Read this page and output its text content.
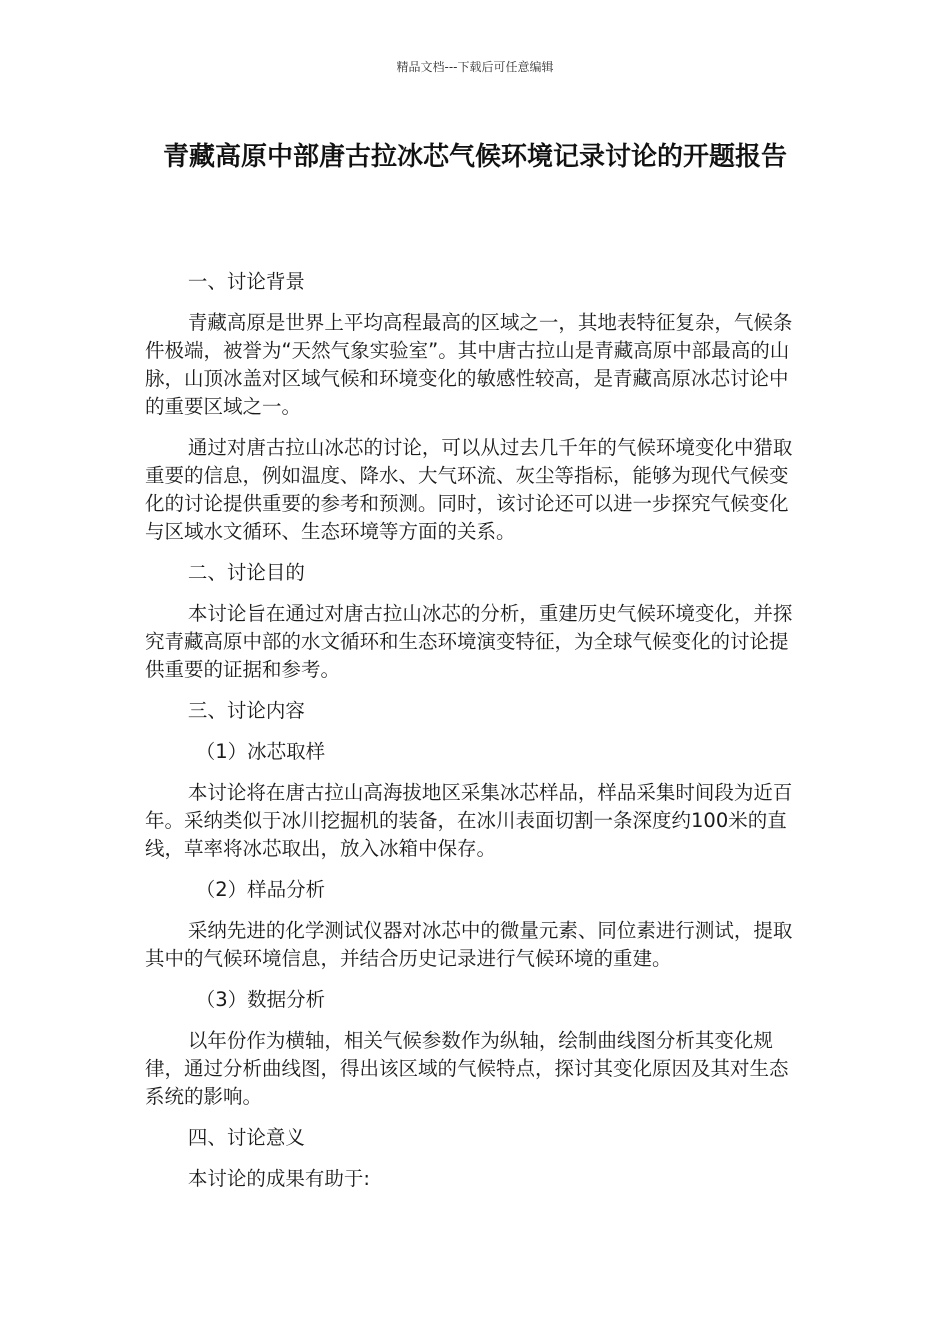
精品文档---下载后可任意编辑
青藏高原中部唐古拉冰芯气候环境记录讨论的开题报告

一、讨论背景

青藏高原是世界上平均高程最高的区域之一，其地表特征复杂，气候条件极端，被誉为“天然气象实验室”。其中唐古拉山是青藏高原中部最高的山脉，山顶冰盖对区域气候和环境变化的敏感性较高，是青藏高原冰芯讨论中的重要区域之一。

通过对唐古拉山冰芯的讨论，可以从过去几千年的气候环境变化中猎取重要的信息，例如温度、降水、大气环流、灰尘等指标，能够为现代气候变化的讨论提供重要的参考和预测。同时，该讨论还可以进一步探究气候变化与区域水文循环、生态环境等方面的关系。

二、讨论目的

本讨论旨在通过对唐古拉山冰芯的分析，重建历史气候环境变化，并探究青藏高原中部的水文循环和生态环境演变特征，为全球气候变化的讨论提供重要的证据和参考。

三、讨论内容

（1）冰芯取样

本讨论将在唐古拉山高海拔地区采集冰芯样品，样品采集时间段为近百年。采纳类似于冰川挖掘机的装备，在冰川表面切割一条深度约100米的直线，草率将冰芯取出，放入冰箱中保存。

（2）样品分析

采纳先进的化学测试仪器对冰芯中的微量元素、同位素进行测试，提取其中的气候环境信息，并结合历史记录进行气候环境的重建。

（3）数据分析

以年份作为横轴，相关气候参数作为纵轴，绘制曲线图分析其变化规律，通过分析曲线图，得出该区域的气候特点，探讨其变化原因及其对生态系统的影响。

四、讨论意义

本讨论的成果有助于:
